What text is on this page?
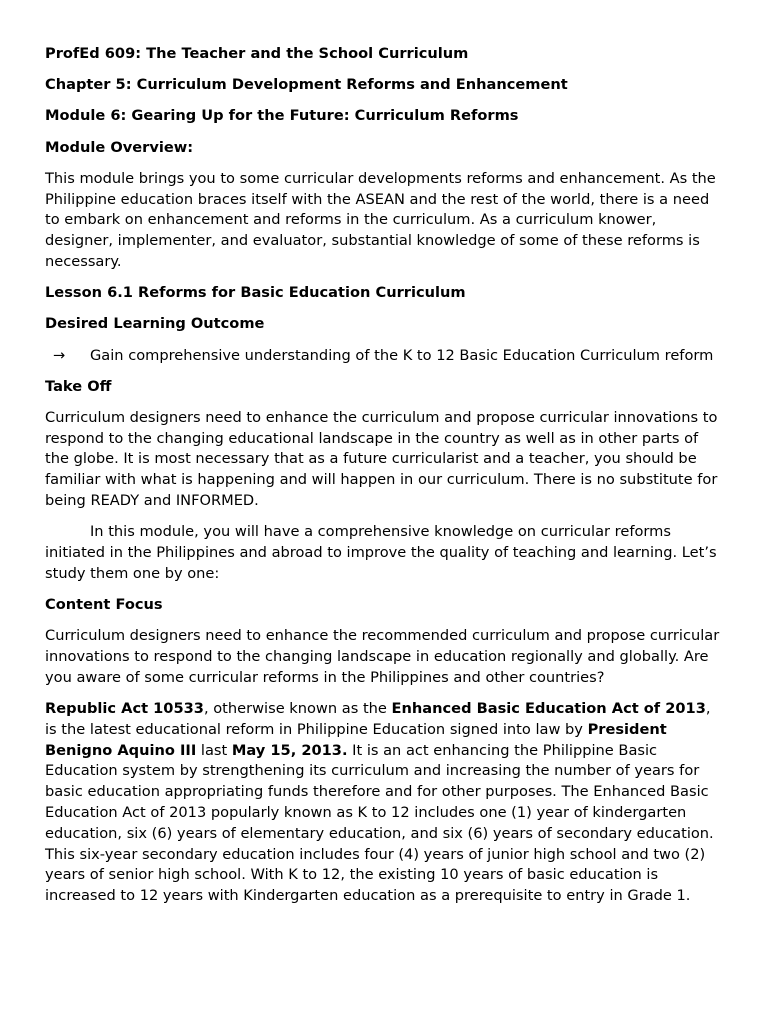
ProfEd 609: The Teacher and the School Curriculum
Chapter 5: Curriculum Development Reforms and Enhancement
Module 6: Gearing Up for the Future: Curriculum Reforms
Module Overview:

This module brings you to some curricular developments reforms and enhancement. As the Philippine education braces itself with the ASEAN and the rest of the world, there is a need to embark on enhancement and reforms in the curriculum. As a curriculum knower, designer, implementer, and evaluator, substantial knowledge of some of these reforms is necessary.

Lesson 6.1 Reforms for Basic Education Curriculum
Desired Learning Outcome
→	Gain comprehensive understanding of the K to 12 Basic Education Curriculum reform
Take Off

Curriculum designers need to enhance the curriculum and propose curricular innovations to respond to the changing educational landscape in the country as well as in other parts of the globe. It is most necessary that as a future curricularist and a teacher, you should be familiar with what is happening and will happen in our curriculum. There is no substitute for being READY and INFORMED.

In this module, you will have a comprehensive knowledge on curricular reforms initiated in the Philippines and abroad to improve the quality of teaching and learning. Let’s study them one by one:

Content Focus

Curriculum designers need to enhance the recommended curriculum and propose curricular innovations to respond to the changing landscape in education regionally and globally. Are you aware of some curricular reforms in the Philippines and other countries?

Republic Act 10533, otherwise known as the Enhanced Basic Education Act of 2013, is the latest educational reform in Philippine Education signed into law by President Benigno Aquino III last May 15, 2013. It is an act enhancing the Philippine Basic Education system by strengthening its curriculum and increasing the number of years for basic education appropriating funds therefore and for other purposes. The Enhanced Basic Education Act of 2013 popularly known as K to 12 includes one (1) year of kindergarten education, six (6) years of elementary education, and six (6) years of secondary education. This six-year secondary education includes four (4) years of junior high school and two (2) years of senior high school. With K to 12, the existing 10 years of basic education is increased to 12 years with Kindergarten education as a prerequisite to entry in Grade 1.
